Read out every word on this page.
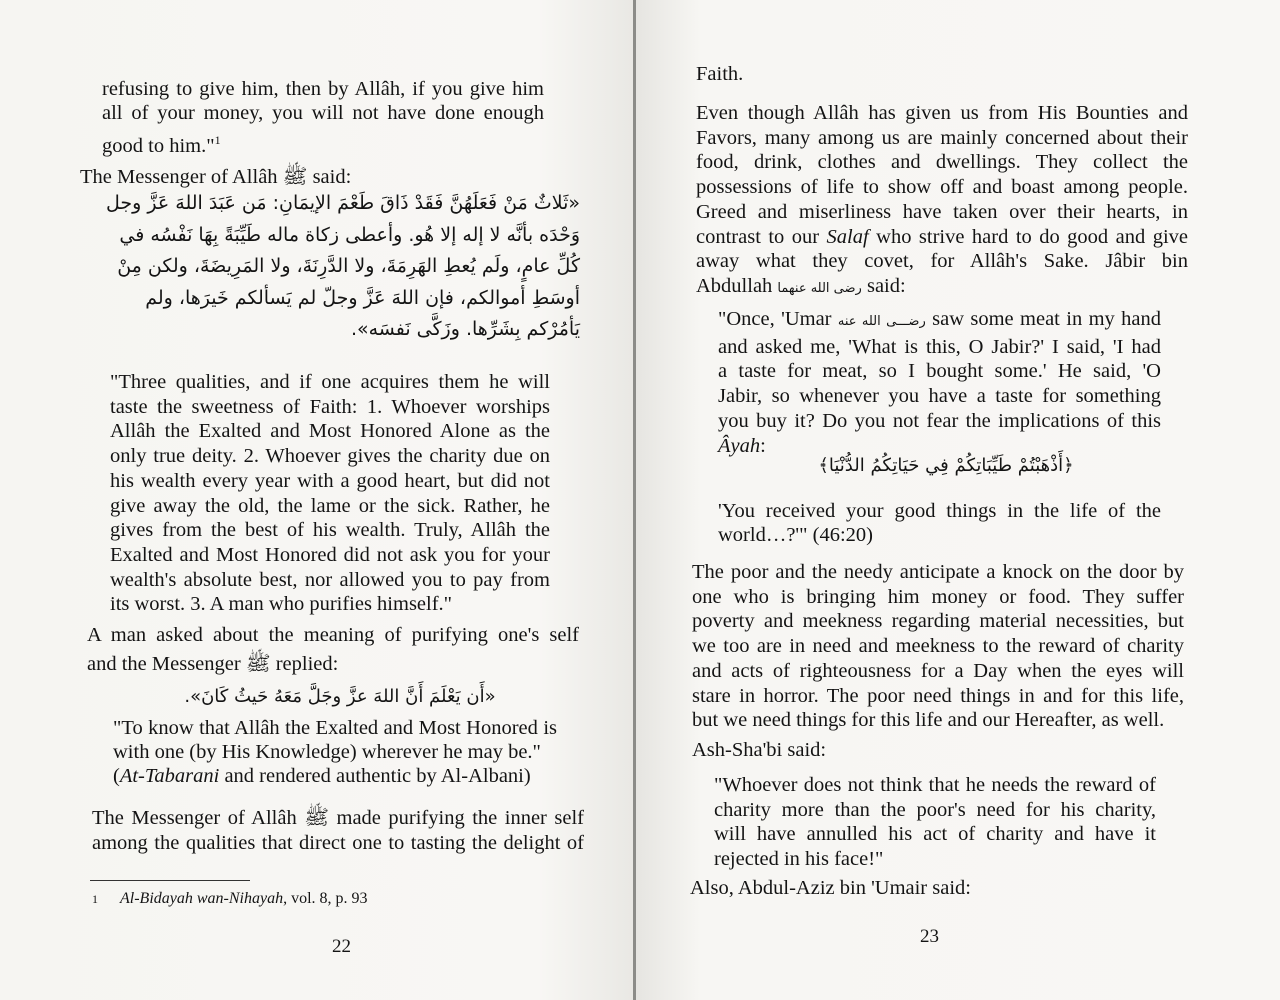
refusing to give him, then by Allâh, if you give him
all of your money, you will not have done enough
good to him."$^1$
The Messenger of Allâh ﷺ said:
«ثَلاثٌ مَنْ فَعَلَهُنَّ فَقَدْ ذَاقَ طَعْمَ الإيمَانِ: مَن عَبَدَ اللهَ عَزَّ وجل
وَحْدَه بأنَّه لا إله إلا هُو. وأعطى زكاة ماله طَيِّبَةً بِهَا نَفْسُه في
كُلِّ عامٍ، ولَم يُعطِ الهَرِمَةَ، ولا الدَّرِنَةَ، ولا المَرِيضَةَ، ولكن مِنْ
أوسَطِ أموالكم، فإن اللهَ عَزَّ وجلّ لم يَسألكم خَيرَها، ولم
يَأمُرْكم بِشَرِّها. وزَكَّى نَفسَه».
"Three qualities, and if one acquires them he will
taste the sweetness of Faith: 1. Whoever worships
Allâh the Exalted and Most Honored Alone as the
only true deity. 2. Whoever gives the charity due on
his wealth every year with a good heart, but did not
give away the old, the lame or the sick. Rather, he
gives from the best of his wealth. Truly, Allâh the
Exalted and Most Honored did not ask you for your
wealth's absolute best, nor allowed you to pay from
its worst. 3. A man who purifies himself."
A man asked about the meaning of purifying one's self
and the Messenger ﷺ replied:
«أَن يَعْلَمَ أَنَّ اللهَ عزَّ وجَلَّ مَعَهُ حَيثُ كَانَ».
"To know that Allâh the Exalted and Most Honored is
with one (by His Knowledge) wherever he may be."
(At-Tabarani and rendered authentic by Al-Albani)
The Messenger of Allâh ﷺ made purifying the inner self
among the qualities that direct one to tasting the delight of
1 Al-Bidayah wan-Nihayah, vol. 8, p. 93
22
Faith.
Even though Allâh has given us from His Bounties and
Favors, many among us are mainly concerned about their
food, drink, clothes and dwellings. They collect the
possessions of life to show off and boast among people.
Greed and miserliness have taken over their hearts, in
contrast to our Salaf who strive hard to do good and give
away what they covet, for Allâh's Sake. Jâbir bin
Abdullah رضى الله عنهما said:
"Once, 'Umar رضـــى الله عنه saw some meat in my hand
and asked me, 'What is this, O Jabir?' I said, 'I had
a taste for meat, so I bought some.' He said, 'O
Jabir, so whenever you have a taste for something
you buy it? Do you not fear the implications of this
Âyah:
﴿أَذْهَبْتُمْ طَيِّبَاتِكُمْ فِي حَيَاتِكُمُ الدُّنْيَا﴾
'You received your good things in the life of the
world…?'" (46:20)
The poor and the needy anticipate a knock on the door by
one who is bringing him money or food. They suffer
poverty and meekness regarding material necessities, but
we too are in need and meekness to the reward of charity
and acts of righteousness for a Day when the eyes will
stare in horror. The poor need things in and for this life,
but we need things for this life and our Hereafter, as well.
Ash-Sha'bi said:
"Whoever does not think that he needs the reward of
charity more than the poor's need for his charity,
will have annulled his act of charity and have it
rejected in his face!"
Also, Abdul-Aziz bin 'Umair said:
23
